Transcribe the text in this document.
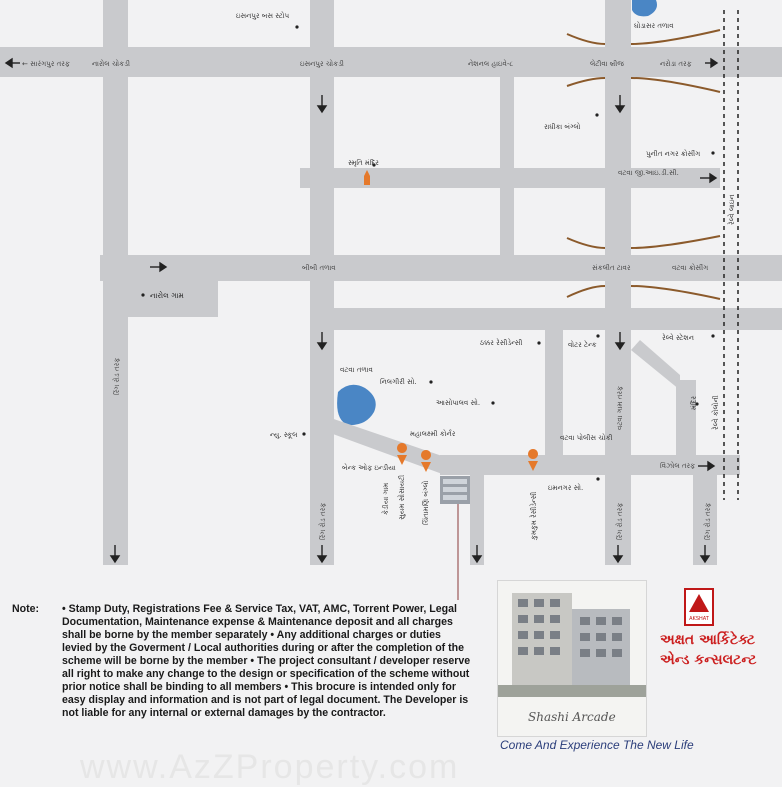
ઇસનપુર બસ સ્ટોપ
ઘોડાસર તળાવ
← સારંગપુર તરફ	નારોલ ચોકડી	ઇસનપુર ચોકડી	નેશનલ હાઇવે-૮	લેટીવા બ્રીજ	નરોડા તરફ
રાધીકા બંગ્લો
પુનીત નગર ક્રોસીંગ
વટવા જી.આઇ.ડી.સી.
સ્મૃતિ મંદિર
બીબી તળાવ	સંકલીત ટાવર	વટવા ક્રોસીંગ
નારોલ ગામ
ઠક્કર રેસીડેન્સી	વોટર ટેન્ક
રેલ્વે સ્ટેશન
વટવા તળાવ
નિલગીરી સો.
આસોપાલવ સો.
ન્યુ. સ્કૂલ	મહાલક્ષ્મી કોર્નર	વટવા પોલીસ ચોકી
વિંઝોલ તરફ
બેન્ક ઓફ ઇન્ડીયા
ઇમનગર સો.
રિંગ રોડ તરફ
રિંગ રોડ તરફ
વટવા ગામ તરફ
રિંગ રોડ તરફ	રિંગ રોડ તરફ
રેલ્વે લાઇન
મંદિર રેલ્વે કોલોની
કેડીયા ગામ સુયમ સોસાયટી ચિંતામણિ બંગ્લો	કુમકુમ રેસીડેન્સી
Note:	• Stamp Duty, Registrations Fee & Service Tax, VAT, AMC, Torrent Power, Legal Documentation, Maintenance expense & Maintenance deposit and all charges shall be borne by the member separately • Any additional charges or duties levied by the Goverment / Local authorities during or after the completion of the scheme will be borne by the member • The project consultant / developer reserve all right to make any change to the design or specification of the scheme without prior notice shall be binding to all members • This brocure is intended only for easy display and information and is not part of legal document. The Developer is not liable for any internal or external damages by the contractor.	Shashi Arcade
AKSHAT
અક્ષત આર્કિટેક્ટ
એન્ડ કન્સલટન્ટ
Come And Experience The New Life
www.AzZProperty.com
